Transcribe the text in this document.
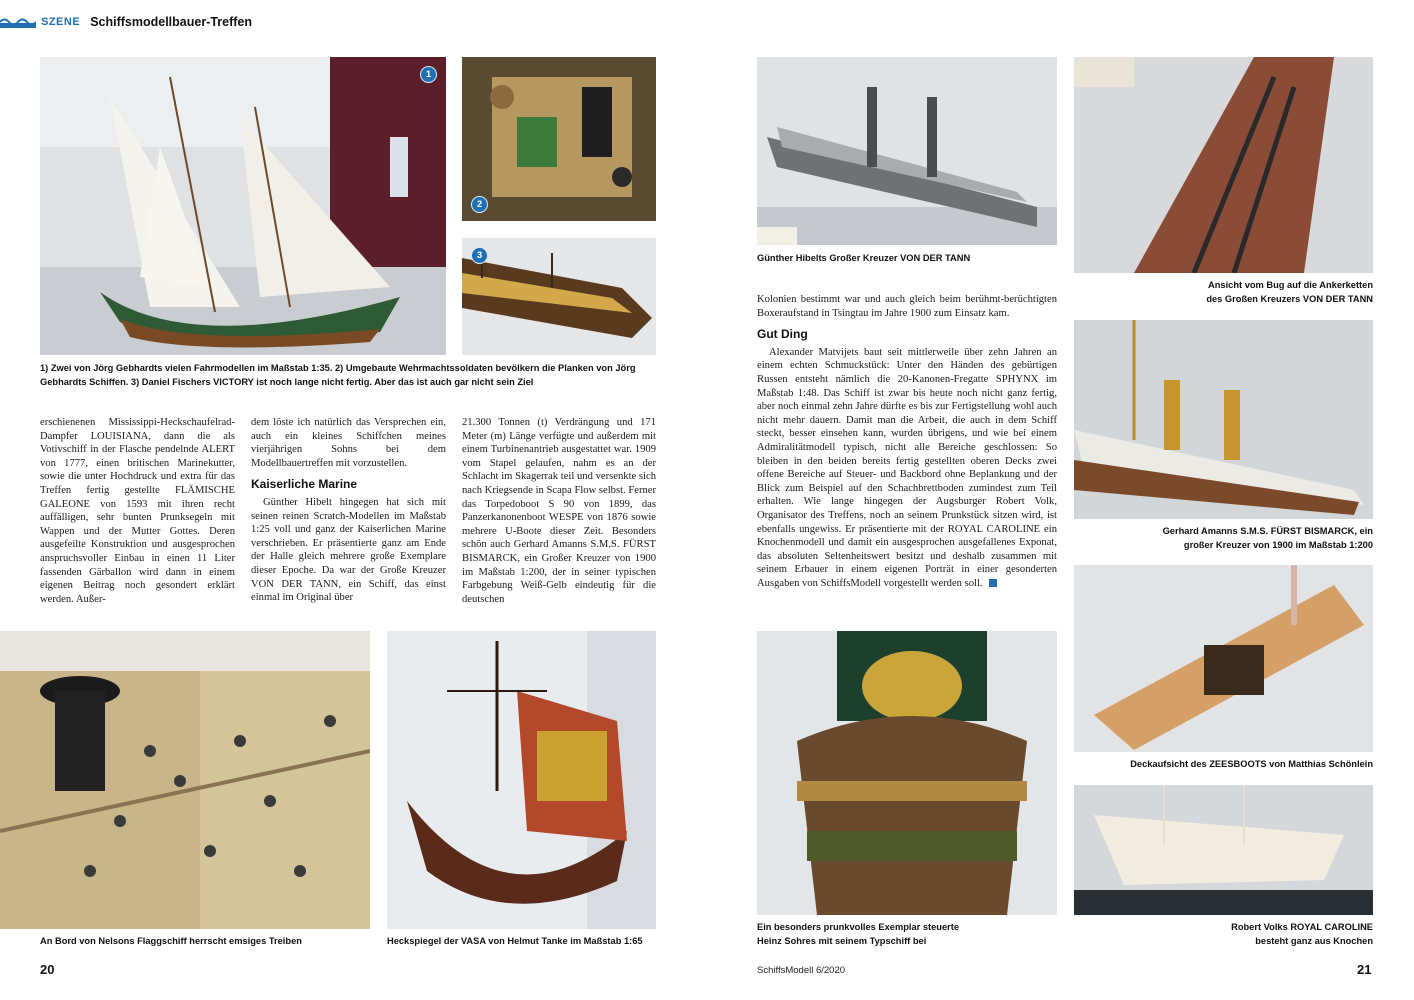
SZENE Schiffsmodellbauer-Treffen
1
2
3
1) Zwei von Jörg Gebhardts vielen Fahrmodellen im Maßstab 1:35. 2) Umgebaute Wehrmachtssoldaten bevölkern die Planken von Jörg Gebhardts Schiffen. 3) Daniel Fischers VICTORY ist noch lange nicht fertig. Aber das ist auch gar nicht sein Ziel

erschienenen Mississippi-Heckschaufelrad-Dampfer LOUISIANA, dann die als Votivschiff in der Flasche pendelnde ALERT von 1777, einen britischen Marinekutter, sowie die unter Hochdruck und extra für das Treffen fertig gestellte FLÄMISCHE GALEONE von 1593 mit ihren recht auffälligen, sehr bunten Prunksegeln mit Wappen und der Mutter Gottes. Deren ausgefeilte Konstruktion und ausgesprochen anspruchsvoller Einbau in einen 11 Liter fassenden Gärballon wird dann in einem eigenen Beitrag noch gesondert erklärt werden. Außer-

dem löste ich natürlich das Versprechen ein, auch ein kleines Schiffchen meines vierjährigen Sohns bei dem Modellbauertreffen mit vorzustellen.

Kaiserliche Marine

Günther Hibelt hingegen hat sich mit seinen reinen Scratch-Modellen im Maßstab 1:25 voll und ganz der Kaiserlichen Marine verschrieben. Er präsentierte ganz am Ende der Halle gleich mehrere große Exemplare dieser Epoche. Da war der Große Kreuzer VON DER TANN, ein Schiff, das einst einmal im Original über

21.300 Tonnen (t) Verdrängung und 171 Meter (m) Länge verfügte und außerdem mit einem Turbinenantrieb ausgestattet war. 1909 vom Stapel gelaufen, nahm es an der Schlacht im Skagerrak teil und versenkte sich nach Kriegsende in Scapa Flow selbst. Ferner das Torpedoboot S 90 von 1899, das Panzerkanonenboot WESPE von 1876 sowie mehrere U-Boote dieser Zeit. Besonders schön auch Gerhard Amanns S.M.S. FÜRST BISMARCK, ein Großer Kreuzer von 1900 im Maßstab 1:200, der in seiner typischen Farbgebung Weiß-Gelb eindeutig für die deutschen

An Bord von Nelsons Flaggschiff herrscht emsiges Treiben	Heckspiegel der VASA von Helmut Tanke im Maßstab 1:65
20
Günther Hibelts Großer Kreuzer VON DER TANN
Ansicht vom Bug auf die Ankerketten
des Großen Kreuzers VON DER TANN

Kolonien bestimmt war und auch gleich beim berühmt-berüchtigten Boxeraufstand in Tsingtau im Jahre 1900 zum Einsatz kam.

Gut Ding

Alexander Matvijets baut seit mittlerweile über zehn Jahren an einem echten Schmuckstück: Unter den Händen des gebürtigen Russen entsteht nämlich die 20-Kanonen-Fregatte SPHYNX im Maßstab 1:48. Das Schiff ist zwar bis heute noch nicht ganz fertig, aber noch einmal zehn Jahre dürfte es bis zur Fertigstellung wohl auch nicht mehr dauern. Damit man die Arbeit, die auch in dem Schiff steckt, besser einsehen kann, wurden übrigens, und wie bei einem Admiralitätmodell typisch, nicht alle Bereiche geschlossen: So bleiben in den beiden bereits fertig gestellten oberen Decks zwei offene Bereiche auf Steuer- und Backbord ohne Beplankung und der Blick zum Beispiel auf den Schachbrettboden zumindest zum Teil erhalten. Wie lange hingegen der Augsburger Robert Volk, Organisator des Treffens, noch an seinem Prunkstück sitzen wird, ist ebenfalls ungewiss. Er präsentierte mit der ROYAL CAROLINE ein Knochenmodell und damit ein ausgesprochen ausgefallenes Exponat, das absoluten Seltenheitswert besitzt und deshalb zusammen mit seinem Erbauer in einem eigenen Porträt in einer gesonderten Ausgaben von SchiffsModell vorgestellt werden soll.

Gerhard Amanns S.M.S. FÜRST BISMARCK, ein
großer Kreuzer von 1900 im Maßstab 1:200
Deckaufsicht des ZEESBOOTS von Matthias Schönlein
Ein besonders prunkvolles Exemplar steuerte
Heinz Sohres mit seinem Typschiff bei
Robert Volks ROYAL CAROLINE
besteht ganz aus Knochen
SchiffsModell 6/2020	21
